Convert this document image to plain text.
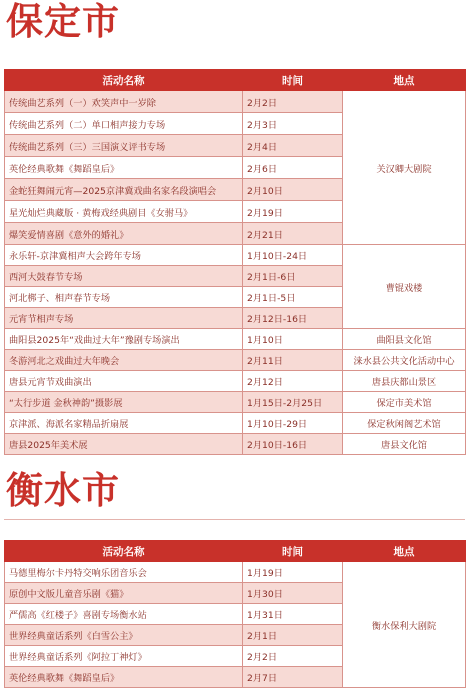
保定市
活动名称	时间	地点
传统曲艺系列（一）欢笑声中一岁除	2月2日	关汉卿大剧院
传统曲艺系列（二）单口相声接力专场	2月3日	
传统曲艺系列（三）三国演义评书专场	2月4日	
英伦经典歌舞《舞蹈皇后》	2月6日	
金蛇狂舞闹元宵—2025京津冀戏曲名家名段演唱会	2月10日	
星光灿烂典藏版 · 黄梅戏经典剧目《女驸马》	2月19日	
爆笑爱情喜剧《意外的婚礼》	2月21日	
永乐轩-京津冀相声大会跨年专场	1月10日-24日	曹锟戏楼
西河大鼓春节专场	2月1日-6日	
河北梆子、相声春节专场	2月1日-5日	
元宵节相声专场	2月12日-16日	
曲阳县2025年“戏曲过大年”豫剧专场演出	1月10日	曲阳县文化馆
冬游河北之戏曲过大年晚会	2月11日	涞水县公共文化活动中心
唐县元宵节戏曲演出	2月12日	唐县庆都山景区
“太行步道 金秋神韵”摄影展	1月15日-2月25日	保定市美术馆
京津派、海派名家精品折扇展	1月10日-29日	保定秋闲阁艺术馆
唐县2025年美术展	2月10日-16日	唐县文化馆
衡水市
活动名称	时间	地点
马德里梅尔卡丹特交响乐团音乐会	1月19日	衡水保利大剧院
原创中文版儿童音乐剧《猫》	1月30日	
严儒高《红楼子》喜剧专场衡水站	1月31日	
世界经典童话系列《白雪公主》	2月1日	
世界经典童话系列《阿拉丁神灯》	2月2日	
英伦经典歌舞《舞蹈皇后》	2月7日	
